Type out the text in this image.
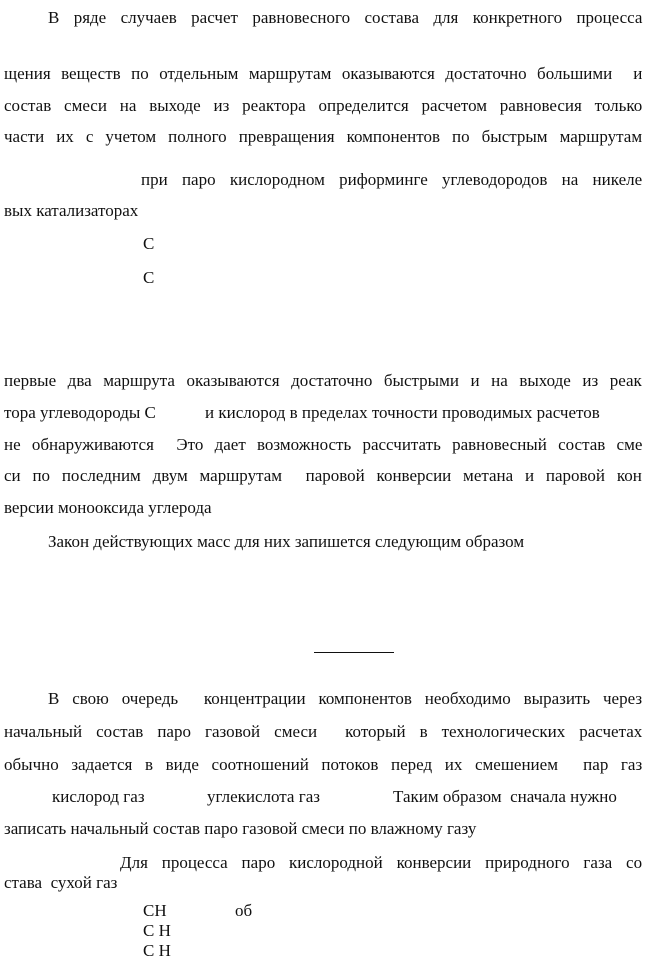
В ряде случаев расчет равновесного состава для конкретного процесса
щения веществ по отдельным маршрутам оказываются достаточно большими  и
состав смеси на выходе из реактора определится расчетом равновесия только
части их с учетом полного превращения компонентов по быстрым маршрутам
при паро кислородном риформинге углеводородов на никеле
вых катализаторах
С
С
первые два маршрута оказываются достаточно быстрыми и на выходе из реак
тора углеводороды С	и кислород в пределах точности проводимых расчетов
не обнаруживаются  Это дает возможность рассчитать равновесный состав сме
си по последним двум маршрутам  паровой конверсии метана и паровой кон
версии монооксида углерода
Закон действующих масс для них запишется следующим образом
В свою очередь  концентрации компонентов необходимо выразить через
начальный состав паро газовой смеси  который в технологических расчетах
обычно задается в виде соотношений потоков перед их смешением  пар газ
кислород газ	углекислота газ	Таким образом  сначала нужно
записать начальный состав паро газовой смеси по влажному газу
Для процесса паро кислородной конверсии природного газа со
става  сухой газ
CH	об
С Н
С Н
